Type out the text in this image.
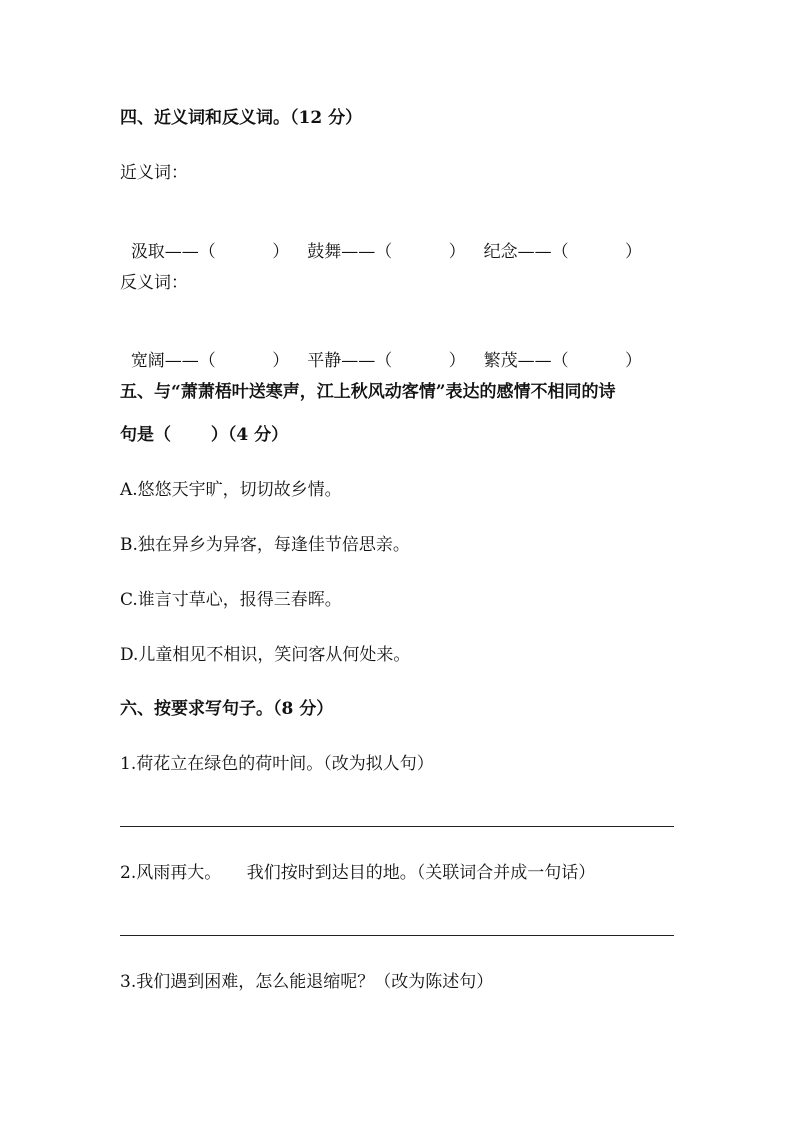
四、近义词和反义词。（12 分）
近义词：

汲取——（　　　 ） 鼓舞——（　　　 ） 纪念——（　　　 ）

反义词：

宽阔——（　　　 ） 平静——（　　　 ） 繁茂——（　　　 ）

五、与“萧萧梧叶送寒声，江上秋风动客情”表达的感情不相同的诗
句是（　　 ）（4 分）
A.悠悠天宇旷，切切故乡情。
B.独在异乡为异客，每逢佳节倍思亲。
C.谁言寸草心，报得三春晖。
D.儿童相见不相识，笑问客从何处来。
六、按要求写句子。（8 分）
1.荷花立在绿色的荷叶间。（改为拟人句）
2.风雨再大。　　我们按时到达目的地。（关联词合并成一句话）
3.我们遇到困难，怎么能退缩呢？（改为陈述句）
